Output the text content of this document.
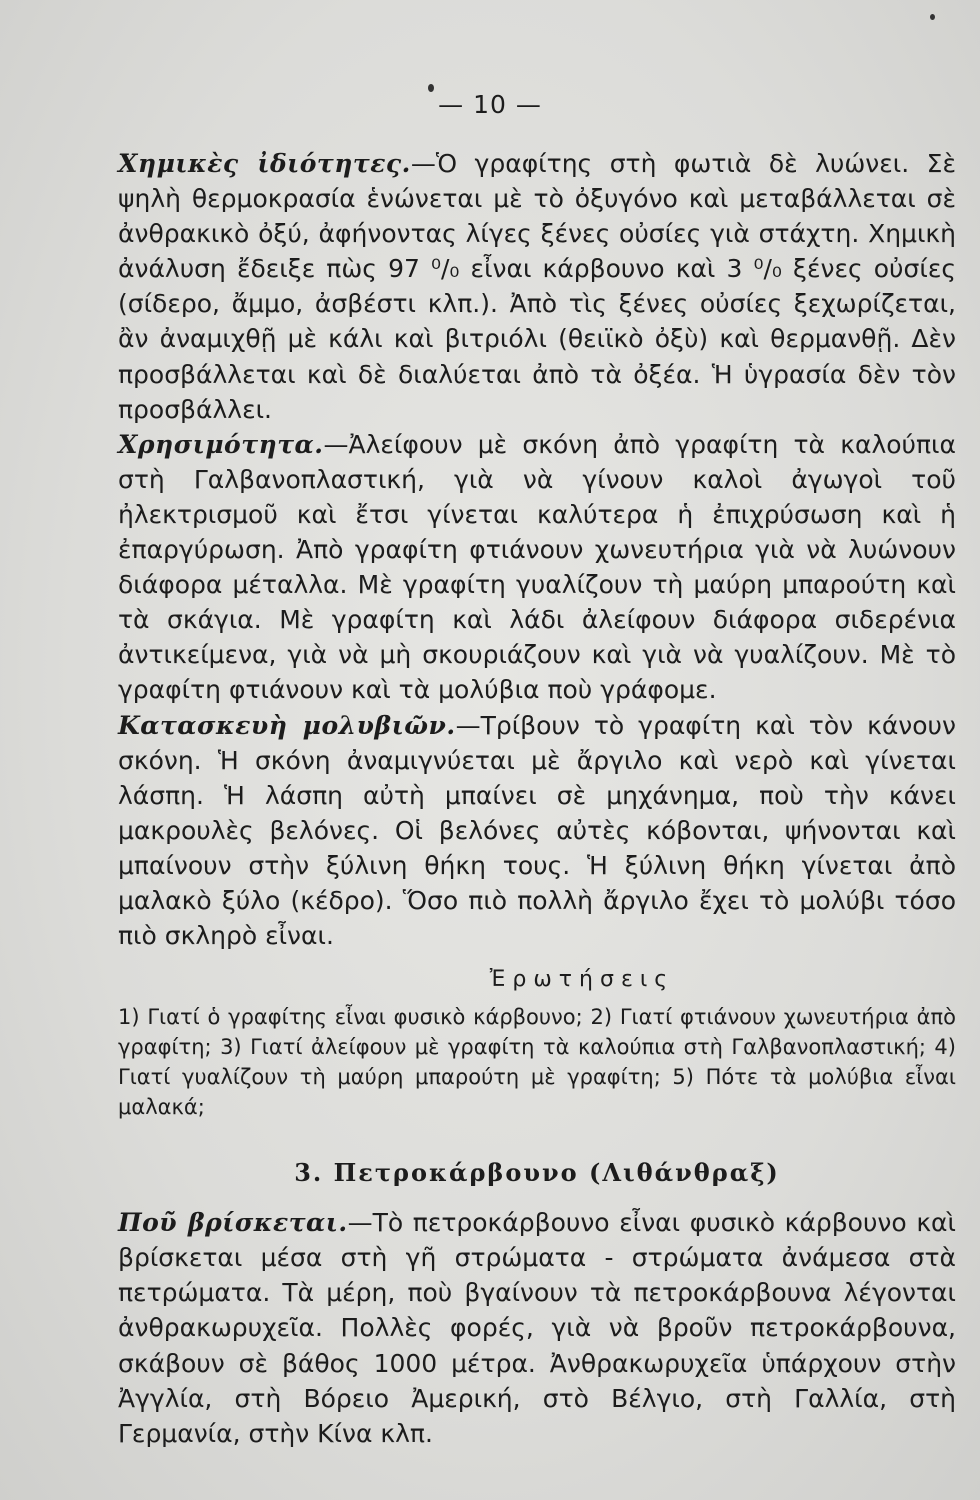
— 10 —

Χημικὲς ἰδιότητες.—Ὁ γραφίτης στὴ φωτιὰ δὲ λυώνει. Σὲ ψηλὴ θερμοκρασία ἑνώνεται μὲ τὸ ὀξυγόνο καὶ μεταβάλλεται σὲ ἀνθρακικὸ ὀξύ, ἀφήνοντας λίγες ξένες οὐσίες γιὰ στάχτη. Χημικὴ ἀνάλυση ἔδειξε πὼς 97 ⁰/₀ εἶναι κάρβουνο καὶ 3 ⁰/₀ ξένες οὐσίες (σίδερο, ἄμμο, ἀσβέστι κλπ.). Ἀπὸ τὶς ξένες οὐσίες ξεχωρίζεται, ἂν ἀναμιχθῇ μὲ κάλι καὶ βιτριόλι (θειϊκὸ ὀξὺ) καὶ θερμανθῇ. Δὲν προσβάλλεται καὶ δὲ διαλύεται ἀπὸ τὰ ὀξέα. Ἡ ὑγρασία δὲν τὸν προσβάλλει.

Χρησιμότητα.—Ἀλείφουν μὲ σκόνη ἀπὸ γραφίτη τὰ καλούπια στὴ Γαλβανοπλαστική, γιὰ νὰ γίνουν καλοὶ ἀγωγοὶ τοῦ ἠλεκτρισμοῦ καὶ ἔτσι γίνεται καλύτερα ἡ ἐπιχρύσωση καὶ ἡ ἐπαργύρωση. Ἀπὸ γραφίτη φτιάνουν χωνευτήρια γιὰ νὰ λυώνουν διάφορα μέταλλα. Μὲ γραφίτη γυαλίζουν τὴ μαύρη μπαρούτη καὶ τὰ σκάγια. Μὲ γραφίτη καὶ λάδι ἀλείφουν διάφορα σιδερένια ἀντικείμενα, γιὰ νὰ μὴ σκουριάζουν καὶ γιὰ νὰ γυαλίζουν. Μὲ τὸ γραφίτη φτιάνουν καὶ τὰ μολύβια ποὺ γράφομε.

Κατασκευὴ μολυβιῶν.—Τρίβουν τὸ γραφίτη καὶ τὸν κάνουν σκόνη. Ἡ σκόνη ἀναμιγνύεται μὲ ἄργιλο καὶ νερὸ καὶ γίνεται λάσπη. Ἡ λάσπη αὐτὴ μπαίνει σὲ μηχάνημα, ποὺ τὴν κάνει μακρουλὲς βελόνες. Οἱ βελόνες αὐτὲς κόβονται, ψήνονται καὶ μπαίνουν στὴν ξύλινη θήκη τους. Ἡ ξύλινη θήκη γίνεται ἀπὸ μαλακὸ ξύλο (κέδρο). Ὅσο πιὸ πολλὴ ἄργιλο ἔχει τὸ μολύβι τόσο πιὸ σκληρὸ εἶναι.

Ἐρωτήσεις

1) Γιατί ὁ γραφίτης εἶναι φυσικὸ κάρβουνο; 2) Γιατί φτιάνουν χωνευτήρια ἀπὸ γραφίτη; 3) Γιατί ἀλείφουν μὲ γραφίτη τὰ καλούπια στὴ Γαλβανοπλαστική; 4) Γιατί γυαλίζουν τὴ μαύρη μπαρούτη μὲ γραφίτη; 5) Πότε τὰ μολύβια εἶναι μαλακά;

3. Πετροκάρβουνο (Λιθάνθραξ)

Ποῦ βρίσκεται.—Τὸ πετροκάρβουνο εἶναι φυσικὸ κάρβουνο καὶ βρίσκεται μέσα στὴ γῆ στρώματα - στρώματα ἀνάμεσα στὰ πετρώματα. Τὰ μέρη, ποὺ βγαίνουν τὰ πετροκάρβουνα λέγονται ἀνθρακωρυχεῖα. Πολλὲς φορές, γιὰ νὰ βροῦν πετροκάρβουνα, σκάβουν σὲ βάθος 1000 μέτρα. Ἀνθρακωρυχεῖα ὑπάρχουν στὴν Ἀγγλία, στὴ Βόρειο Ἀμερική, στὸ Βέλγιο, στὴ Γαλλία, στὴ Γερμανία, στὴν Κίνα κλπ.
